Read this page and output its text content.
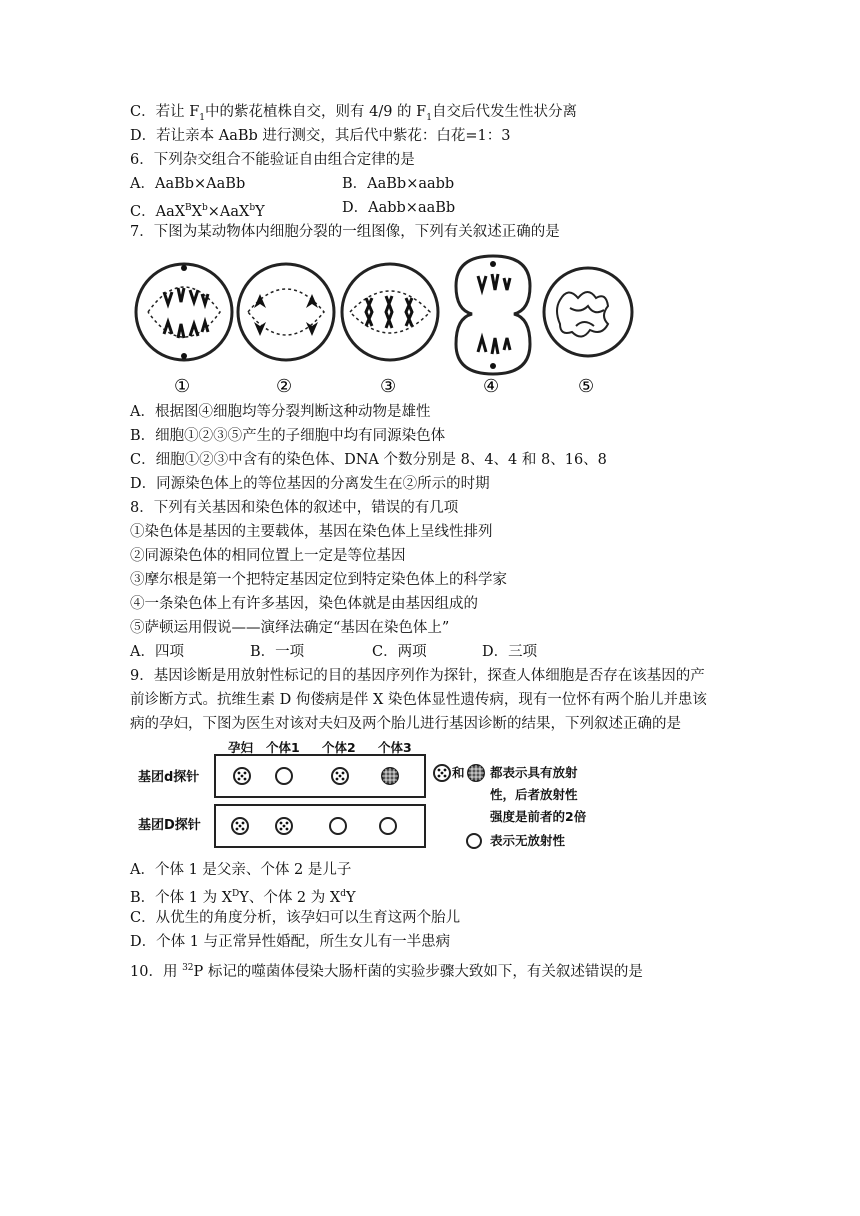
C．若让 $F_1$中的紫花植株自交，则有 4/9 的 $F_1$自交后代发生性状分离
D．若让亲本 AaBb 进行测交，其后代中紫花：白花=1：3
6．下列杂交组合不能验证自由组合定律的是
A．AaBb×AaBb	B．AaBb×aabb
C．$AaX^BX^b\times AaX^bY$	D．Aabb×aaBb
7．下图为某动物体内细胞分裂的一组图像，下列有关叙述正确的是
①	②	③	④	⑤
A．根据图④细胞均等分裂判断这种动物是雄性
B．细胞①②③⑤产生的子细胞中均有同源染色体
C．细胞①②③中含有的染色体、DNA 个数分别是 8、4、4 和 8、16、8
D．同源染色体上的等位基因的分离发生在②所示的时期
8．下列有关基因和染色体的叙述中，错误的有几项
①染色体是基因的主要载体，基因在染色体上呈线性排列
②同源染色体的相同位置上一定是等位基因
③摩尔根是第一个把特定基因定位到特定染色体上的科学家
④一条染色体上有许多基因，染色体就是由基因组成的
⑤萨顿运用假说——演绎法确定“基因在染色体上”
A．四项	B．一项	C．两项	D．三项
9．基因诊断是用放射性标记的目的基因序列作为探针，探查人体细胞是否存在该基因的产
前诊断方式。抗维生素 D 佝偻病是伴 X 染色体显性遗传病，现有一位怀有两个胎儿并患该
病的孕妇，下图为医生对该对夫妇及两个胎儿进行基因诊断的结果，下列叙述正确的是
孕妇 个体1 个体2 个体3
基团d探针
基团D探针
和 都表示具有放射
性，后者放射性
强度是前者的2倍
表示无放射性
A．个体 1 是父亲、个体 2 是儿子
B．个体 1 为 $X^DY$、个体 2 为 $X^dY$
C．从优生的角度分析，该孕妇可以生育这两个胎儿
D．个体 1 与正常异性婚配，所生女儿有一半患病
10．用 $^{32}$P 标记的噬菌体侵染大肠杆菌的实验步骤大致如下，有关叙述错误的是
